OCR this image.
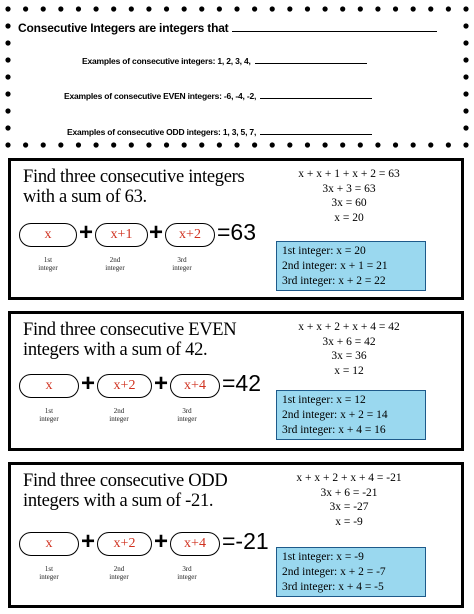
Consecutive Integers are integers that
Examples of consecutive integers: 1, 2, 3, 4,
Examples of consecutive EVEN integers: -6, -4, -2,
Examples of consecutive ODD integers: 1, 3, 5, 7,
Find three consecutive integers with a sum of 63.
x + x + 1 + x + 2 = 63
3x + 3 = 63
3x = 60
x = 20
x	+	x+1 +	x+2 =63
1st
integer
2nd
integer
3rd
integer
1st integer: x = 20
2nd integer: x + 1 = 21
3rd integer: x + 2 = 22
Find three consecutive EVEN integers with a sum of 42.
x + x + 2 + x + 4 = 42
3x + 6 = 42
3x = 36
x = 12
x	+	x+2 +	x+4 =42
1st
integer
2nd
integer
3rd
integer
1st integer: x = 12
2nd integer: x + 2 = 14
3rd integer: x + 4 = 16
Find three consecutive ODD integers with a sum of -21.
x + x + 2 + x + 4 = -21
3x + 6 = -21
3x = -27
x = -9
x	+	x+2 +	x+4 =-21
1st
integer
2nd
integer
3rd
integer
1st integer: x = -9
2nd integer: x + 2 = -7
3rd integer: x + 4 = -5
